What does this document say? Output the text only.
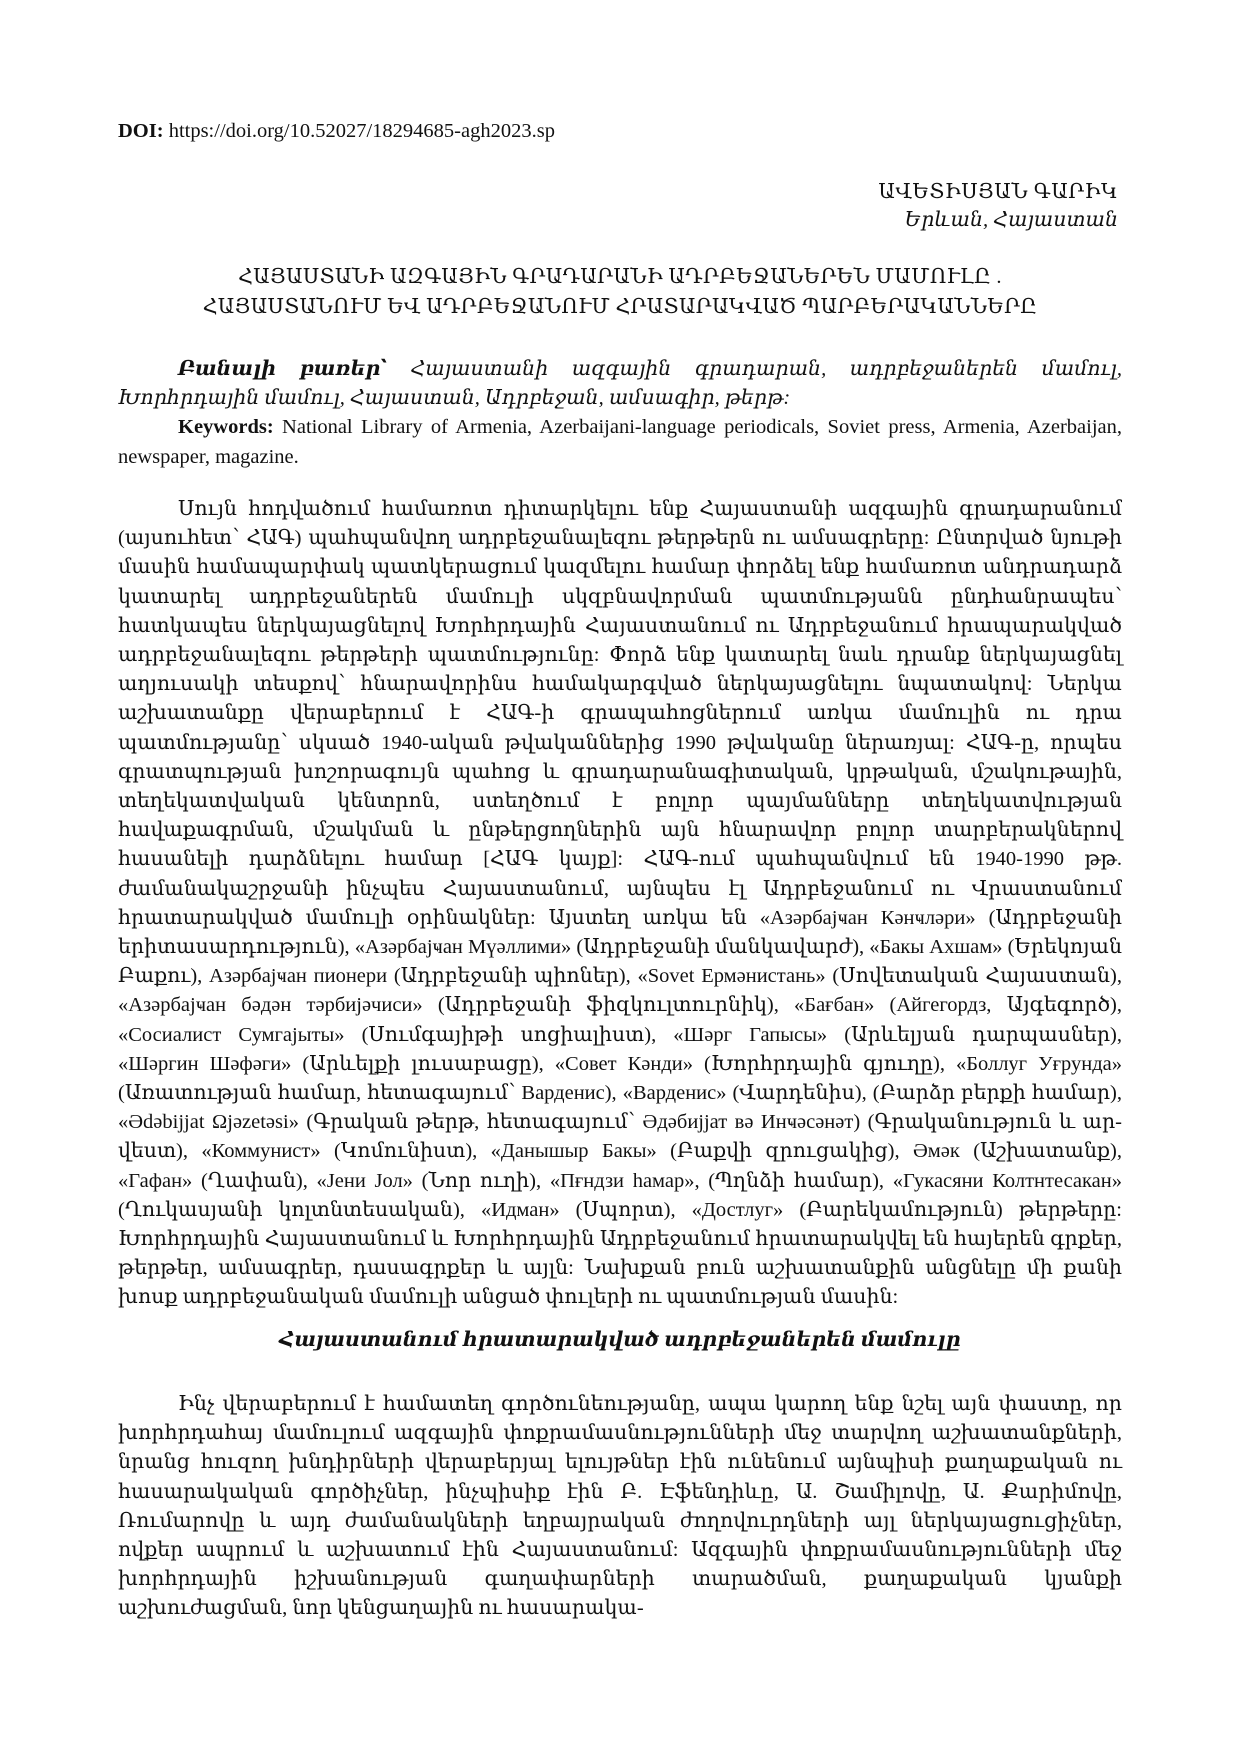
DOI: https://doi.org/10.52027/18294685-agh2023.sp
ԱՎԵՏԻՍՅԱՆ ԳԱՐԻԿ
Երևան, Հայաստան
ՀԱՅԱՍՏԱՆԻ ԱԶԳԱՅԻՆ ԳՐԱԴԱՐԱՆԻ ԱԴՐԲԵՋԱՆԵՐԵՆ ՄԱՄՈՒԼԸ .
ՀԱՅԱՍՏԱՆՈՒՄ ԵՎ ԱԴՐԲԵՋԱՆՈՒՄ ՀՐԱՏԱՐԱԿՎԱԾ ՊԱՐԲԵՐԱԿԱՆՆԵՐԸ

Բանալի բառեր՝ Հայաստանի ազգային գրադարան, ադրբեջաներեն մամուլ, Խորհրդային մամուլ, Հայաստան, Ադրբեջան, ամսագիր, թերթ:

Keywords: National Library of Armenia, Azerbaijani-language periodicals, Soviet press, Armenia, Azerbaijan, newspaper, magazine.

Սույն հոդվածում համառոտ դիտարկելու ենք Հայաստանի ազգային գրադարանում (այսուհետ՝ ՀԱԳ) պահպանվող ադրբեջանալեզու թերթերն ու ամսագրերը: Ընտրված նյութի մասին համապարփակ պատկերացում կազմելու համար փորձել ենք համառոտ անդրադարձ կատարել ադրբեջաներեն մամուլի սկզբնավորման պատմությանն ընդհանրապես՝ հատկապես ներկայացնելով Խորհրդային Հայաստանում ու Ադրբեջանում հրապարակված ադրբեջանալեզու թերթերի պատմությունը: Փորձ ենք կատարել նաև դրանք ներկայացնել աղյուսակի տեսքով՝ հնարավորինս համակարգված ներկայացնելու նպատակով: Ներկա աշխատանքը վերաբերում է ՀԱԳ-ի գրապահոցներում առկա մամուլին ու դրա պատմությանը՝ սկսած 1940-ական թվականներից 1990 թվականը ներառյալ: ՀԱԳ-ը, որպես գրատպության խոշորագույն պահոց և գրադարանագիտական, կրթական, մշակութային, տեղեկատվական կենտրոն, ստեղծում է բոլոր պայմանները տեղեկատվության հավաքագրման, մշակման և ընթերցողներին այն հնարավոր բոլոր տարբերակներով հասանելի դարձնելու համար [ՀԱԳ կայք]: ՀԱԳ-ում պահպանվում են 1940-1990 թթ. ժամանակաշրջանի ինչպես Հայաստանում, այնպես էլ Ադրբեջանում ու Վրաստանում հրատարակված մամուլի օրինակներ: Այստեղ առկա են «Азәрбајҹан Кәнҹләри» (Ադրբեջանի երիտասարդություն), «Азәрбајҹан Мүәллими» (Ադրբեջանի մանկավարժ), «Бакы Ахшам» (Երեկոյան Բաքու), Азәрбајҹан пионери (Ադրբեջանի պիոներ), «Sovet Ермәнистань» (Սովետական Հայաստան), «Азәрбајҹан бәдән тәрбијәчиси» (Ադրբեջանի ֆիզկուլտուրնիկ), «Бағбан» (Айгегордз, Այգեգործ), «Сосиалист Сумгајыты» (Սումգայիթի սոցիալիստ), «Шәрг Гапысы» (Արևելյան դարպասներ), «Шәргин Шәфәги» (Արևելքի լուսաբացը), «Совет Кәнди» (Խորհրդային գյուղը), «Боллуг Уғрунда» (Առատության համար, հետագայում՝ Варденис), «Варденис» (Վարդենիս), (Բարձր բերքի համար), «Ədəbijjat Ωјəzetəsi» (Գրական թերթ, հետագայում՝ Әдәбијјат вә Инҹәсәнәт) (Գրականություն և արվեստ), «Коммунист» (Կոմունիստ), «Данышыр Бакы» (Բաքվի զրուցակից), Әмәк (Աշխատանք), «Гафан» (Ղափան), «Јени Јол» (Նոր ուղի), «Пғндзи hамар», (Պղնձի համար), «Гукасяни Колтнтесакан» (Ղուկասյանի կոլտնտեսական), «Идман» (Սպորտ), «Достлуг» (Բարեկամություն) թերթերը: Խորհրդային Հայաստանում և Խորհրդային Ադրբեջանում հրատարակվել են հայերեն գրքեր, թերթեր, ամսագրեր, դասագրքեր և այլն: Նախքան բուն աշխատանքին անցնելը մի քանի խոսք ադրբեջանական մամուլի անցած փուլերի ու պատմության մասին:

Հայաստանում հրատարակված ադրբեջաներեն մամուլը

Ինչ վերաբերում է համատեղ գործունեությանը, ապա կարող ենք նշել այն փաստը, որ խորհրդահայ մամուլում ազգային փոքրամասնությունների մեջ տարվող աշխատանքների, նրանց հուզող խնդիրների վերաբերյալ ելույթներ էին ունենում այնպիսի քաղաքական ու հասարակական գործիչներ, ինչպիսիք էին Բ. Էֆենդիևը, Ա. Շամիլովը, Ա. Քարիմովը, Ռումարովը և այդ ժամանակների եղբայրական ժողովուրդների այլ ներկայացուցիչներ, ովքեր ապրում և աշխատում էին Հայաստանում: Ազգային փոքրամասնությունների մեջ խորհրդային իշխանության գաղափարների տարածման, քաղաքական կյանքի աշխուժացման, նոր կենցաղային ու հասարակա-
